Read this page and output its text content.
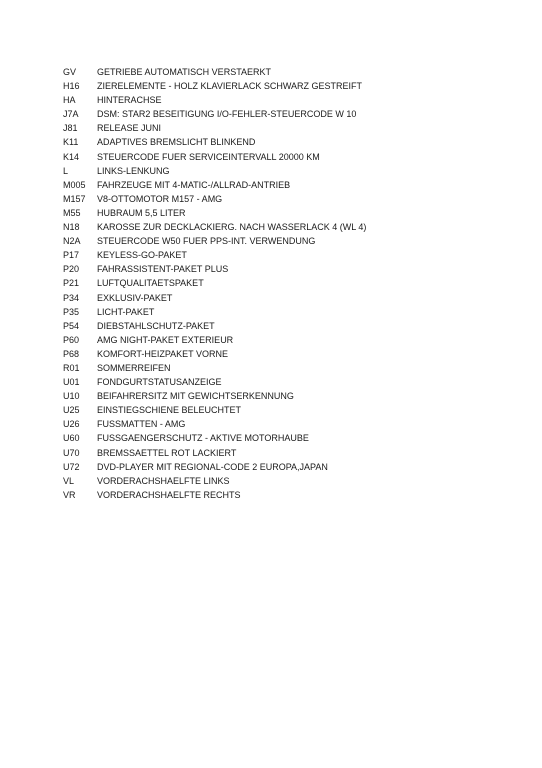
GV	GETRIEBE AUTOMATISCH VERSTAERKT
H16	ZIERELEMENTE - HOLZ KLAVIERLACK SCHWARZ GESTREIFT
HA	HINTERACHSE
J7A	DSM: STAR2 BESEITIGUNG I/O-FEHLER-STEUERCODE W 10
J81	RELEASE JUNI
K11	ADAPTIVES BREMSLICHT BLINKEND
K14	STEUERCODE FUER SERVICEINTERVALL 20000 KM
L	LINKS-LENKUNG
M005	FAHRZEUGE MIT 4-MATIC-/ALLRAD-ANTRIEB
M157	V8-OTTOMOTOR M157 - AMG
M55	HUBRAUM 5,5 LITER
N18	KAROSSE ZUR DECKLACKIERG. NACH WASSERLACK 4 (WL 4)
N2A	STEUERCODE W50 FUER PPS-INT. VERWENDUNG
P17	KEYLESS-GO-PAKET
P20	FAHRASSISTENT-PAKET PLUS
P21	LUFTQUALITAETSPAKET
P34	EXKLUSIV-PAKET
P35	LICHT-PAKET
P54	DIEBSTAHLSCHUTZ-PAKET
P60	AMG NIGHT-PAKET EXTERIEUR
P68	KOMFORT-HEIZPAKET VORNE
R01	SOMMERREIFEN
U01	FONDGURTSTATUSANZEIGE
U10	BEIFAHRERSITZ MIT GEWICHTSERKENNUNG
U25	EINSTIEGSCHIENE BELEUCHTET
U26	FUSSMATTEN - AMG
U60	FUSSGAENGERSCHUTZ - AKTIVE MOTORHAUBE
U70	BREMSSAETTEL ROT LACKIERT
U72	DVD-PLAYER MIT REGIONAL-CODE 2 EUROPA,JAPAN
VL	VORDERACHSHAELFTE LINKS
VR	VORDERACHSHAELFTE RECHTS
